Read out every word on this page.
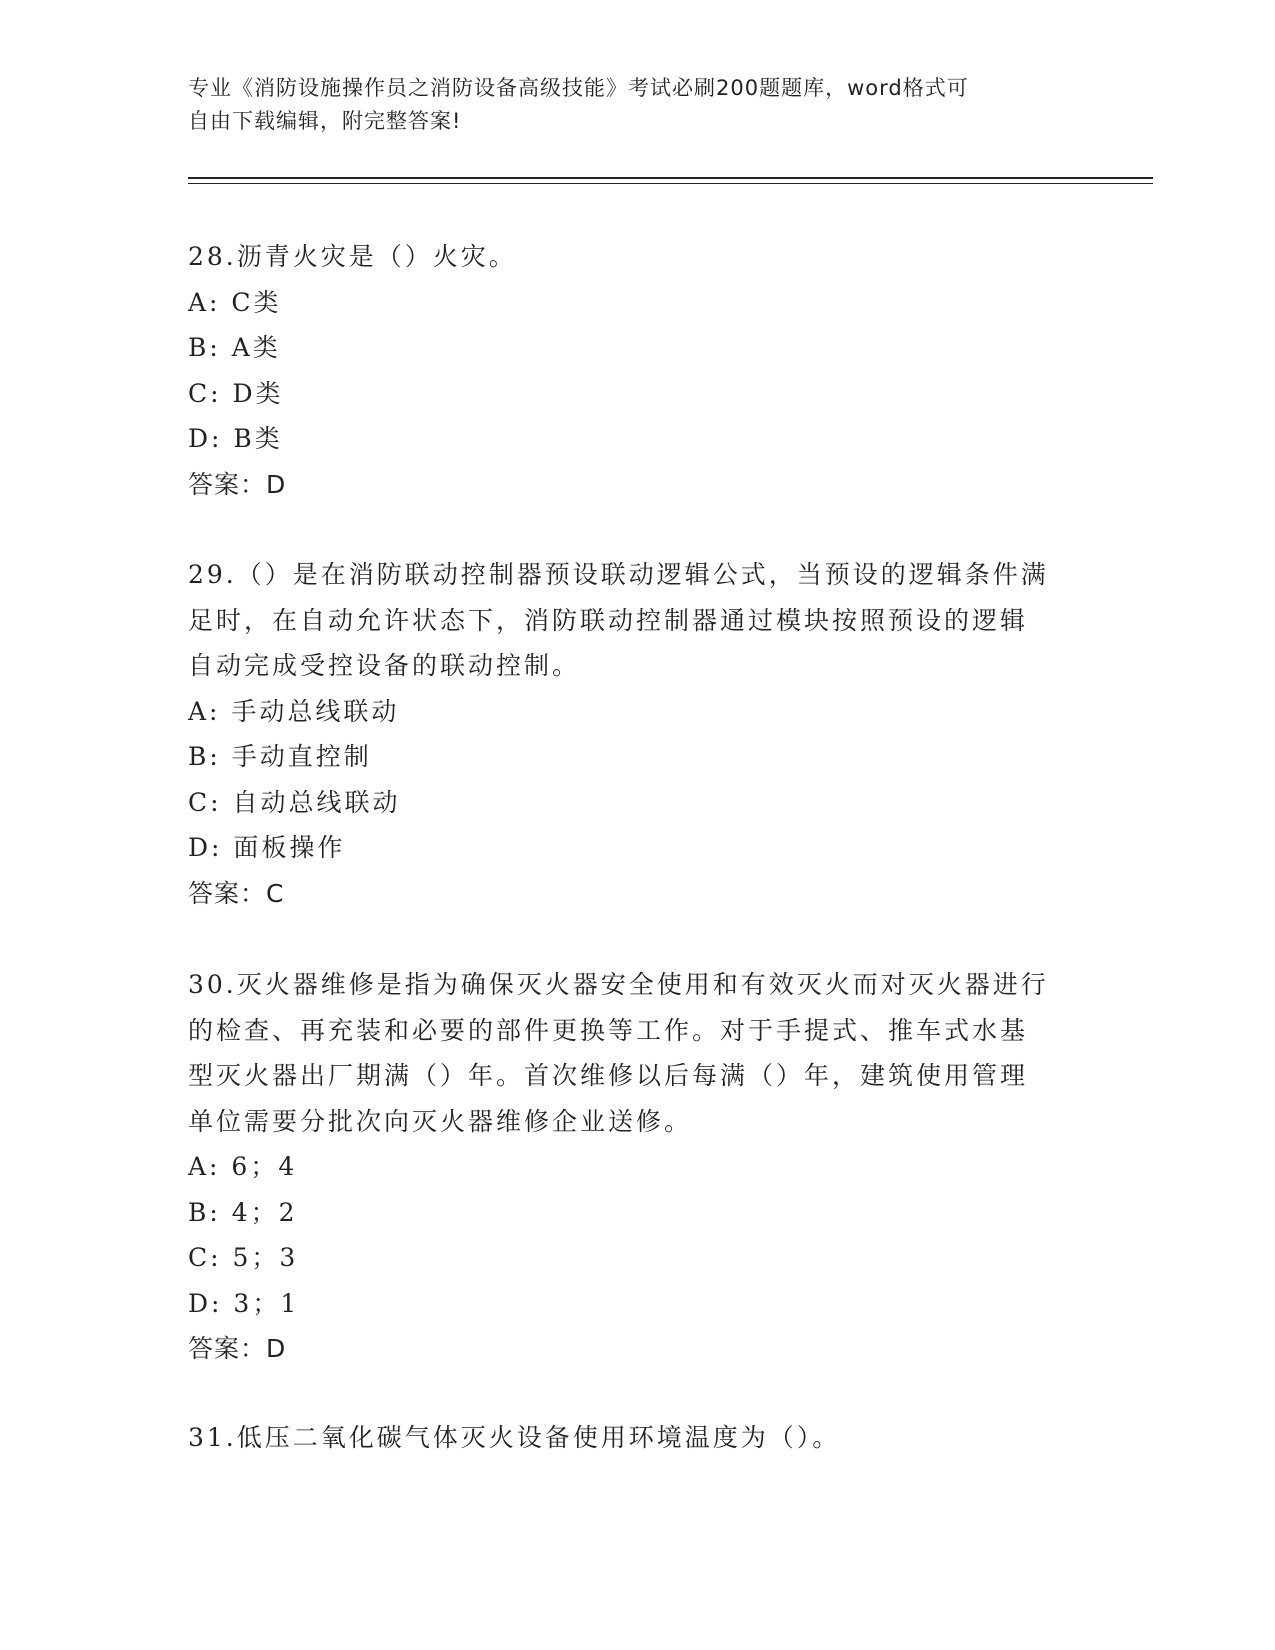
专业《消防设施操作员之消防设备高级技能》考试必刷200题题库，word格式可
自由下载编辑，附完整答案!

28.沥青火灾是（）火灾。

A: C类

B: A类

C: D类

D: B类

答案：D

29.（）是在消防联动控制器预设联动逻辑公式，当预设的逻辑条件满

足时，在自动允许状态下，消防联动控制器通过模块按照预设的逻辑

自动完成受控设备的联动控制。

A: 手动总线联动

B: 手动直控制

C: 自动总线联动

D: 面板操作

答案：C

30.灭火器维修是指为确保灭火器安全使用和有效灭火而对灭火器进行

的检查、再充装和必要的部件更换等工作。对于手提式、推车式水基

型灭火器出厂期满（）年。首次维修以后每满（）年，建筑使用管理

单位需要分批次向灭火器维修企业送修。

A: 6；4

B: 4；2

C: 5；3

D: 3；1

答案：D

31.低压二氧化碳气体灭火设备使用环境温度为（）。
